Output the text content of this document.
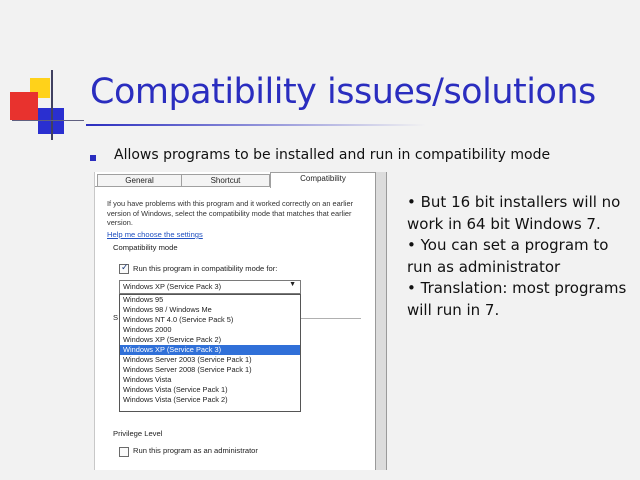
Compatibility issues/solutions
Allows programs to be installed and run in compatibility mode
General	Shortcut	Compatibility
If you have problems with this program and it worked correctly on an earlier version of Windows, select the compatibility mode that matches that earlier version.
Help me choose the settings
Compatibility mode
✓ Run this program in compatibility mode for:
Windows XP (Service Pack 3)	▼
S
Windows 95
Windows 98 / Windows Me
Windows NT 4.0 (Service Pack 5)
Windows 2000
Windows XP (Service Pack 2)
Windows XP (Service Pack 3)
Windows Server 2003 (Service Pack 1)
Windows Server 2008 (Service Pack 1)
Windows Vista
Windows Vista (Service Pack 1)
Windows Vista (Service Pack 2)
Privilege Level
Run this program as an administrator

• But 16 bit installers will no work in 64 bit Windows 7.

• You can set a program to run as administrator

• Translation: most programs will run in 7.
